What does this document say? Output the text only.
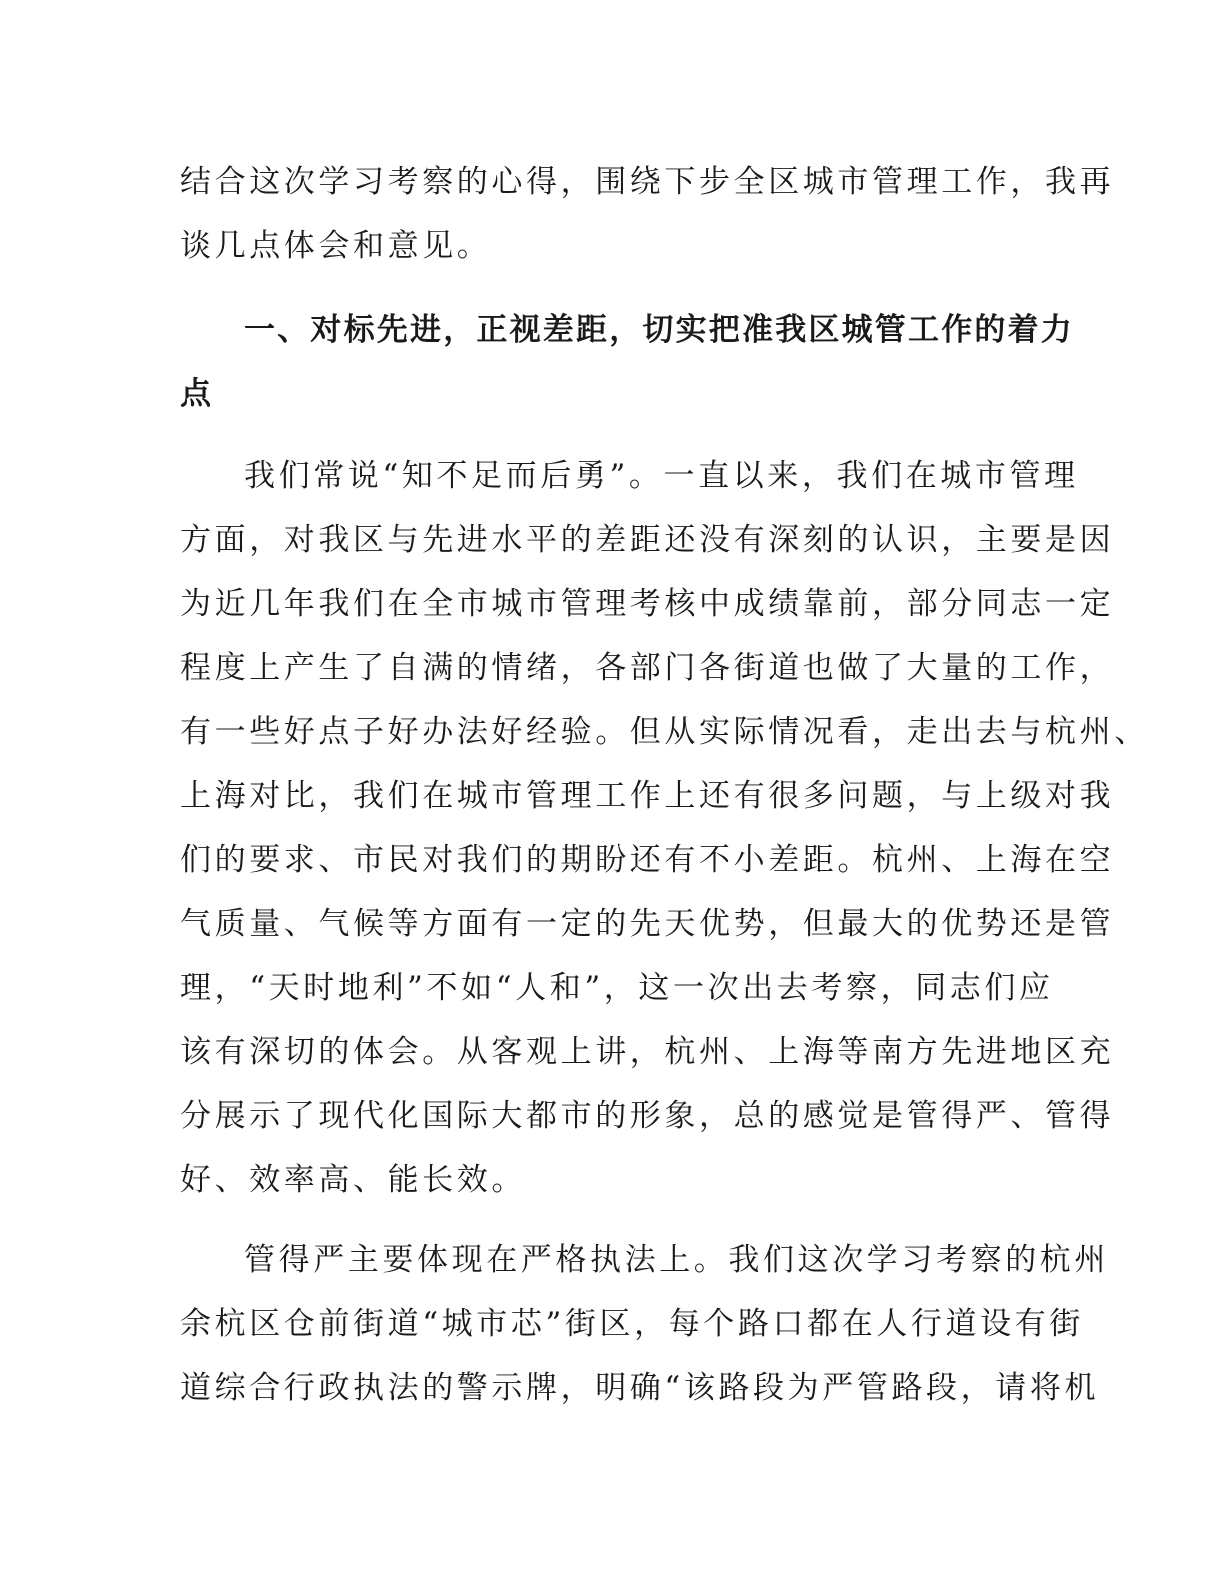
结合这次学习考察的心得，围绕下步全区城市管理工作，我再
谈几点体会和意见。
一、对标先进，正视差距，切实把准我区城管工作的着力
点
我们常说“知不足而后勇”。一直以来，我们在城市管理
方面，对我区与先进水平的差距还没有深刻的认识，主要是因
为近几年我们在全市城市管理考核中成绩靠前，部分同志一定
程度上产生了自满的情绪，各部门各街道也做了大量的工作，
有一些好点子好办法好经验。但从实际情况看，走出去与杭州、
上海对比，我们在城市管理工作上还有很多问题，与上级对我
们的要求、市民对我们的期盼还有不小差距。杭州、上海在空
气质量、气候等方面有一定的先天优势，但最大的优势还是管
理，“天时地利”不如“人和”，这一次出去考察，同志们应
该有深切的体会。从客观上讲，杭州、上海等南方先进地区充
分展示了现代化国际大都市的形象，总的感觉是管得严、管得
好、效率高、能长效。
管得严主要体现在严格执法上。我们这次学习考察的杭州
余杭区仓前街道“城市芯”街区，每个路口都在人行道设有街
道综合行政执法的警示牌，明确“该路段为严管路段，请将机
